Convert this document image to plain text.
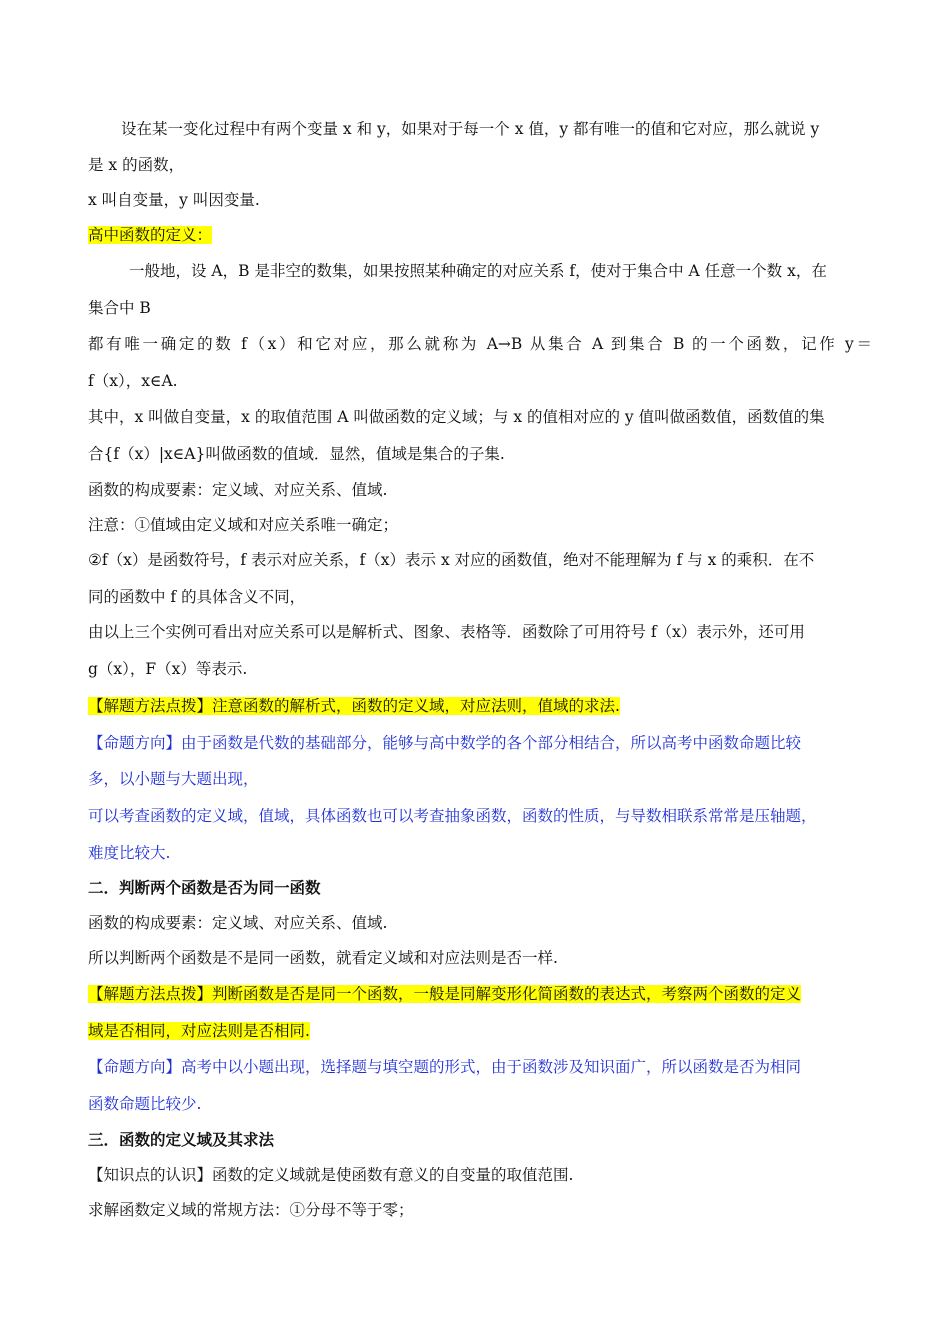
设在某一变化过程中有两个变量 x 和 y，如果对于每一个 x 值，y 都有唯一的值和它对应，那么就说 y
是 x 的函数，
x 叫自变量，y 叫因变量.
高中函数的定义：
一般地，设 A，B 是非空的数集，如果按照某种确定的对应关系 f，使对于集合中 A 任意一个数 x，在
集合中 B
都有唯一确定的数 f（x）和它对应，那么就称为 A→B 从集合 A 到集合 B 的一个函数，记作 y＝
f（x），x∈A.
其中，x 叫做自变量，x 的取值范围 A 叫做函数的定义域；与 x 的值相对应的 y 值叫做函数值，函数值的集
合{f（x）|x∈A}叫做函数的值域．显然，值域是集合的子集.
函数的构成要素：定义域、对应关系、值域.
注意：①值域由定义域和对应关系唯一确定；
②f（x）是函数符号，f 表示对应关系，f（x）表示 x 对应的函数值，绝对不能理解为 f 与 x 的乘积．在不
同的函数中 f 的具体含义不同，
由以上三个实例可看出对应关系可以是解析式、图象、表格等．函数除了可用符号 f（x）表示外，还可用
g（x），F（x）等表示.
【解题方法点拨】注意函数的解析式，函数的定义域，对应法则，值域的求法.
【命题方向】由于函数是代数的基础部分，能够与高中数学的各个部分相结合，所以高考中函数命题比较
多，以小题与大题出现，
可以考查函数的定义域，值域，具体函数也可以考查抽象函数，函数的性质，与导数相联系常常是压轴题，
难度比较大.
二．判断两个函数是否为同一函数
函数的构成要素：定义域、对应关系、值域.
所以判断两个函数是不是同一函数，就看定义域和对应法则是否一样.
【解题方法点拨】判断函数是否是同一个函数，一般是同解变形化简函数的表达式，考察两个函数的定义
域是否相同，对应法则是否相同.
【命题方向】高考中以小题出现，选择题与填空题的形式，由于函数涉及知识面广，所以函数是否为相同
函数命题比较少.
三．函数的定义域及其求法
【知识点的认识】函数的定义域就是使函数有意义的自变量的取值范围.
求解函数定义域的常规方法：①分母不等于零；
